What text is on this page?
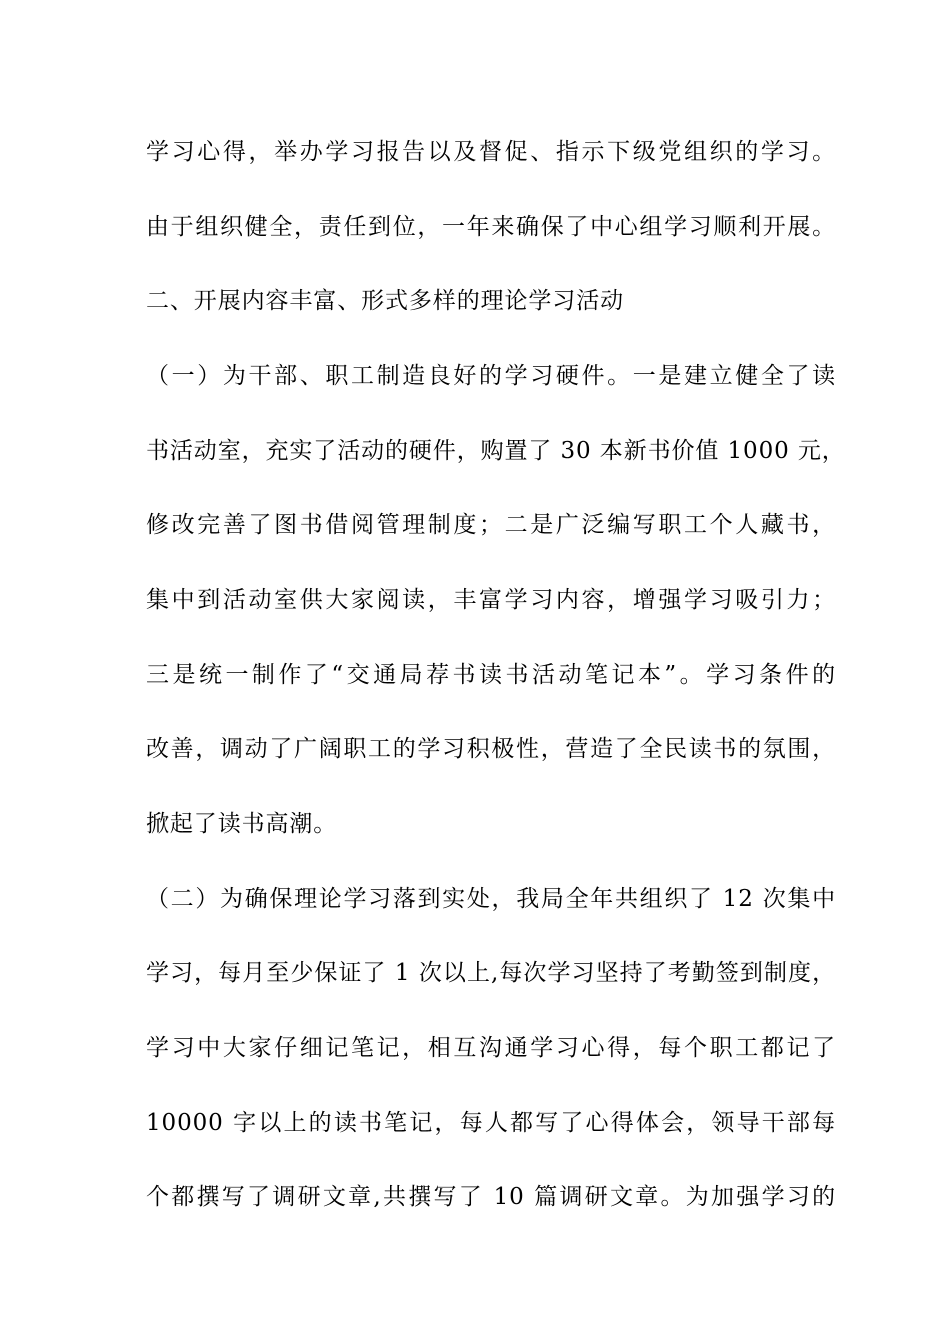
学习心得，举办学习报告以及督促、指示下级党组织的学习。
由于组织健全，责任到位，一年来确保了中心组学习顺利开展。
二、开展内容丰富、形式多样的理论学习活动
（一）为干部、职工制造良好的学习硬件。一是建立健全了读
书活动室，充实了活动的硬件，购置了 30 本新书价值 1000 元，
修改完善了图书借阅管理制度；二是广泛编写职工个人藏书，
集中到活动室供大家阅读，丰富学习内容，增强学习吸引力；
三是统一制作了“交通局荐书读书活动笔记本”。学习条件的
改善，调动了广阔职工的学习积极性，营造了全民读书的氛围，
掀起了读书高潮。
（二）为确保理论学习落到实处，我局全年共组织了 12 次集中
学习，每月至少保证了 1 次以上,每次学习坚持了考勤签到制度，
学习中大家仔细记笔记，相互沟通学习心得，每个职工都记了
10000 字以上的读书笔记，每人都写了心得体会，领导干部每
个都撰写了调研文章,共撰写了 10 篇调研文章。为加强学习的
